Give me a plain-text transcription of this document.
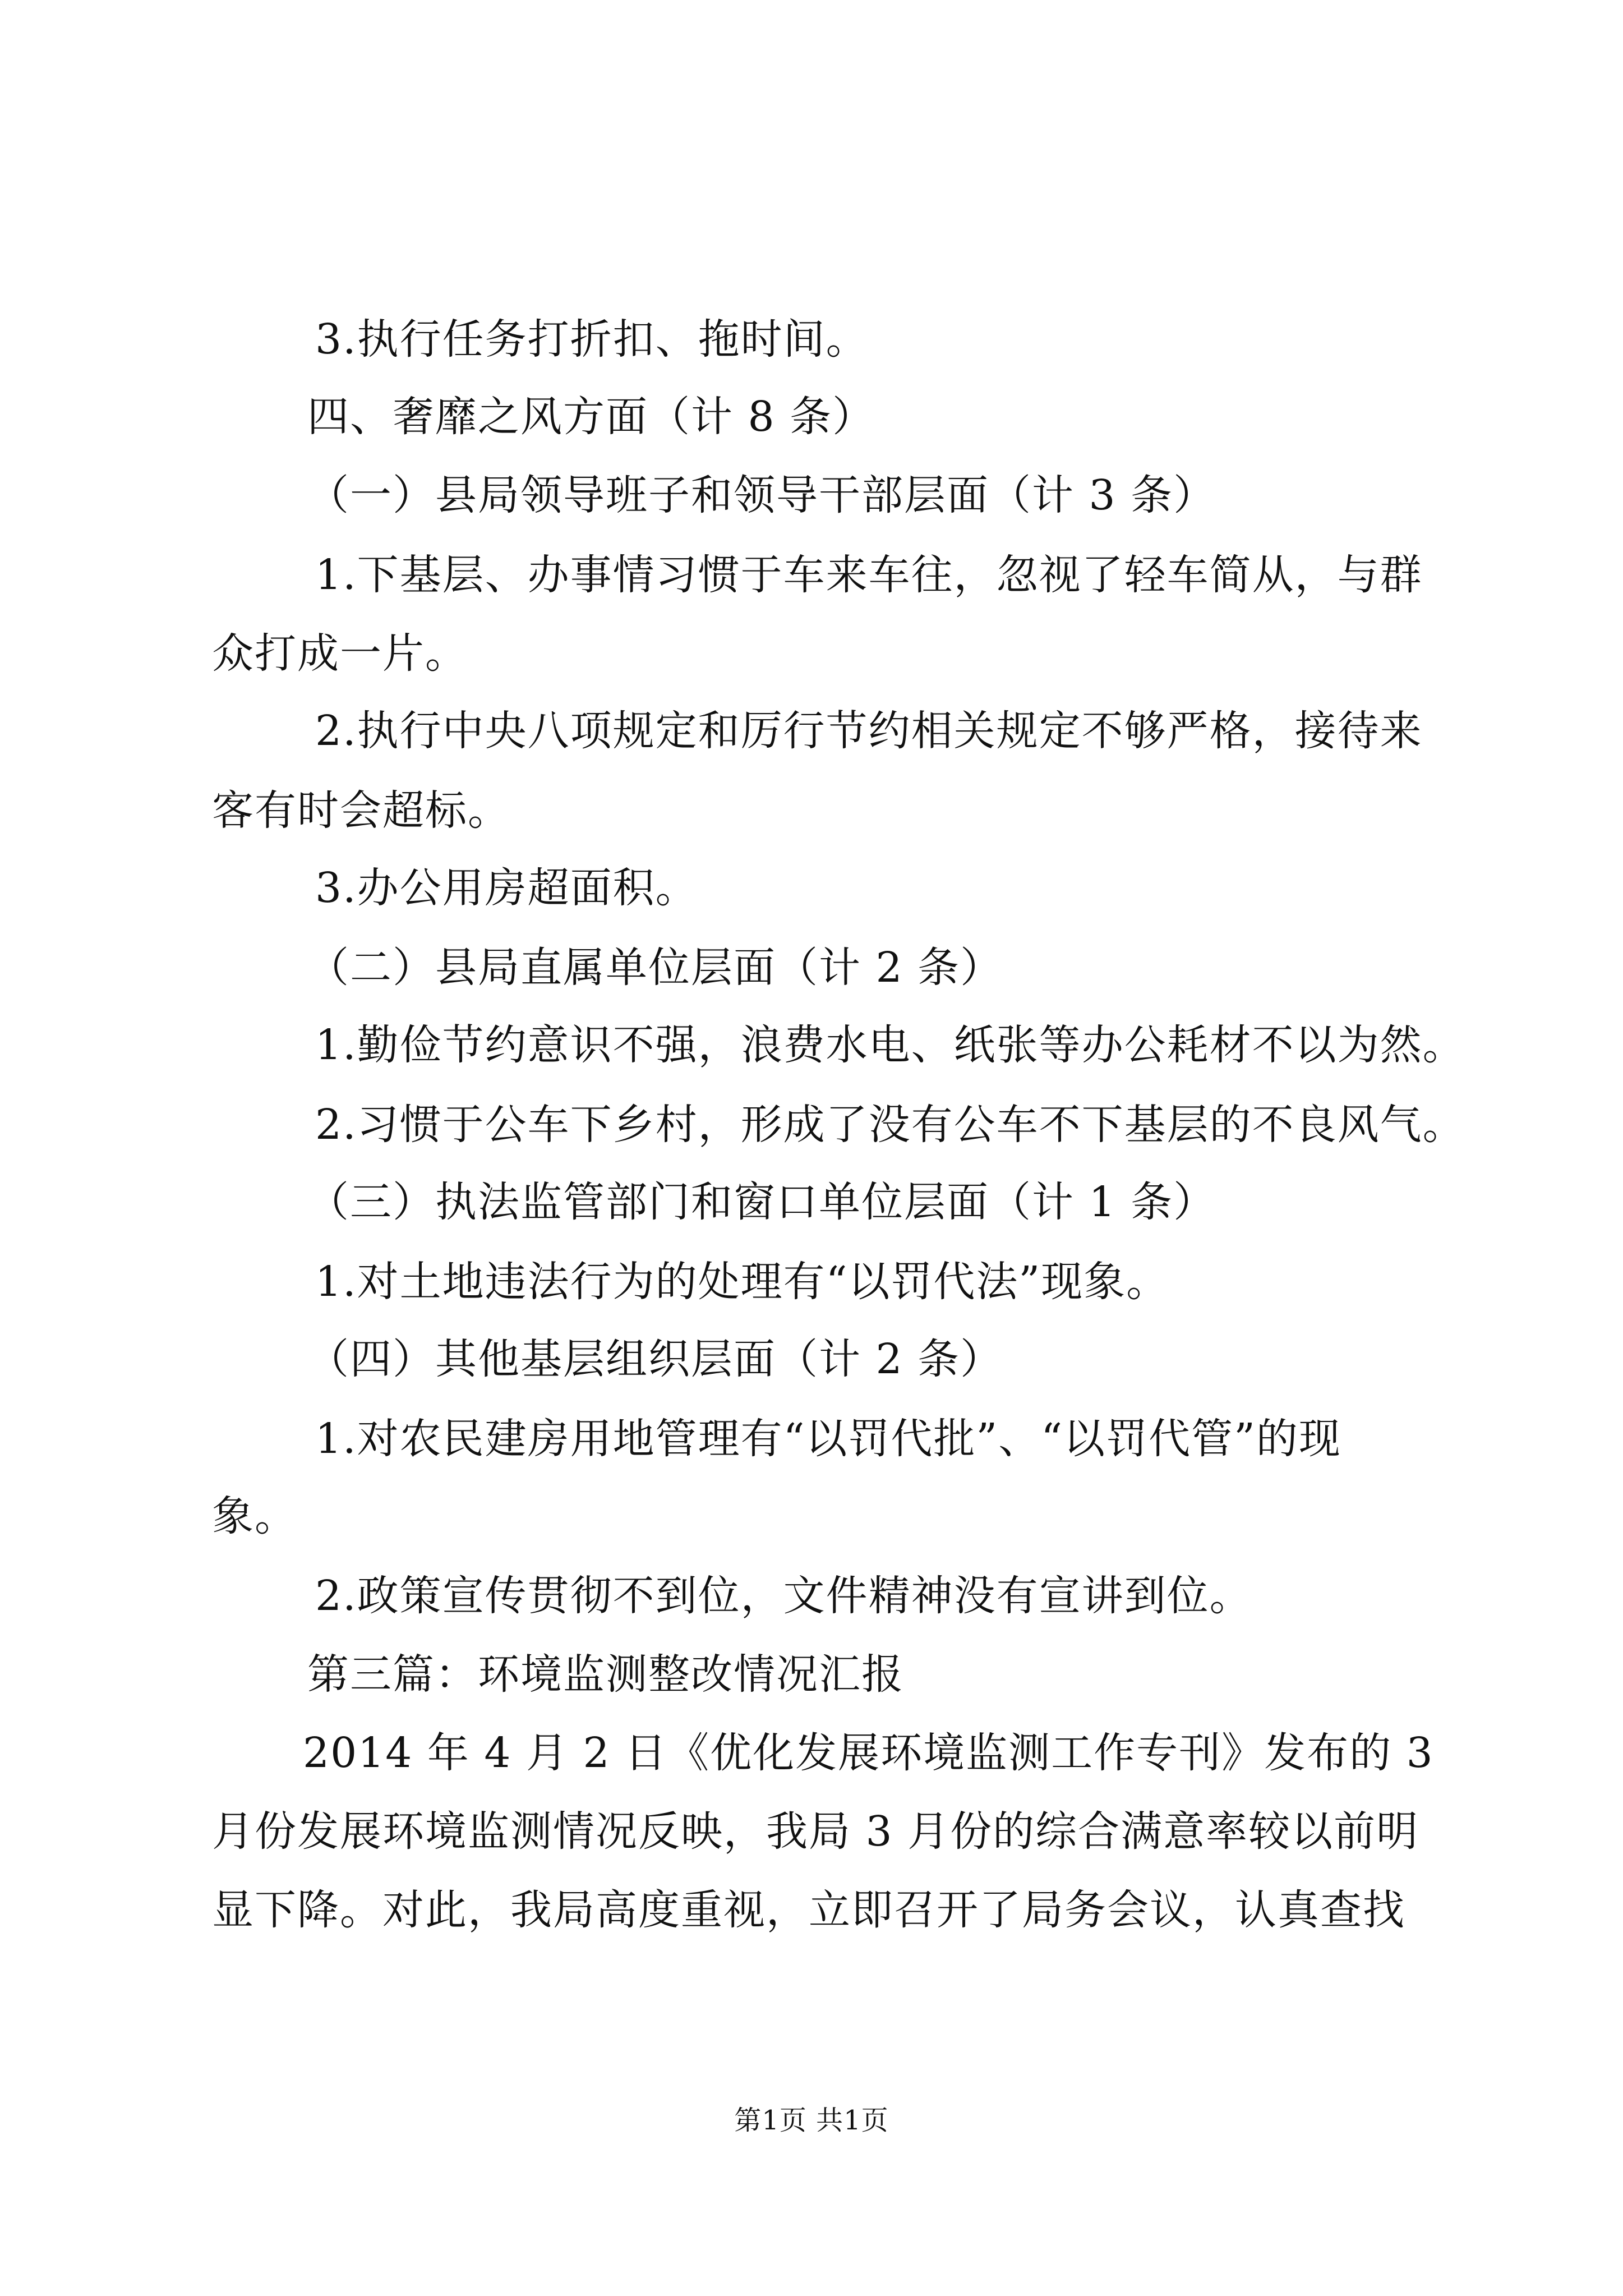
3.执行任务打折扣、拖时间。
四、奢靡之风方面（计 8 条）
（一）县局领导班子和领导干部层面（计 3 条）
1.下基层、办事情习惯于车来车往，忽视了轻车简从，与群
众打成一片。
2.执行中央八项规定和厉行节约相关规定不够严格，接待来
客有时会超标。
3.办公用房超面积。
（二）县局直属单位层面（计 2 条）
1.勤俭节约意识不强，浪费水电、纸张等办公耗材不以为然。
2.习惯于公车下乡村，形成了没有公车不下基层的不良风气。
（三）执法监管部门和窗口单位层面（计 1 条）
1.对土地违法行为的处理有“以罚代法”现象。
（四）其他基层组织层面（计 2 条）
1.对农民建房用地管理有“以罚代批”、“以罚代管”的现
象。
2.政策宣传贯彻不到位，文件精神没有宣讲到位。
第三篇：环境监测整改情况汇报
2014 年 4 月 2 日《优化发展环境监测工作专刊》发布的 3
月份发展环境监测情况反映，我局 3 月份的综合满意率较以前明
显下降。对此，我局高度重视，立即召开了局务会议，认真查找
第1页 共1页
